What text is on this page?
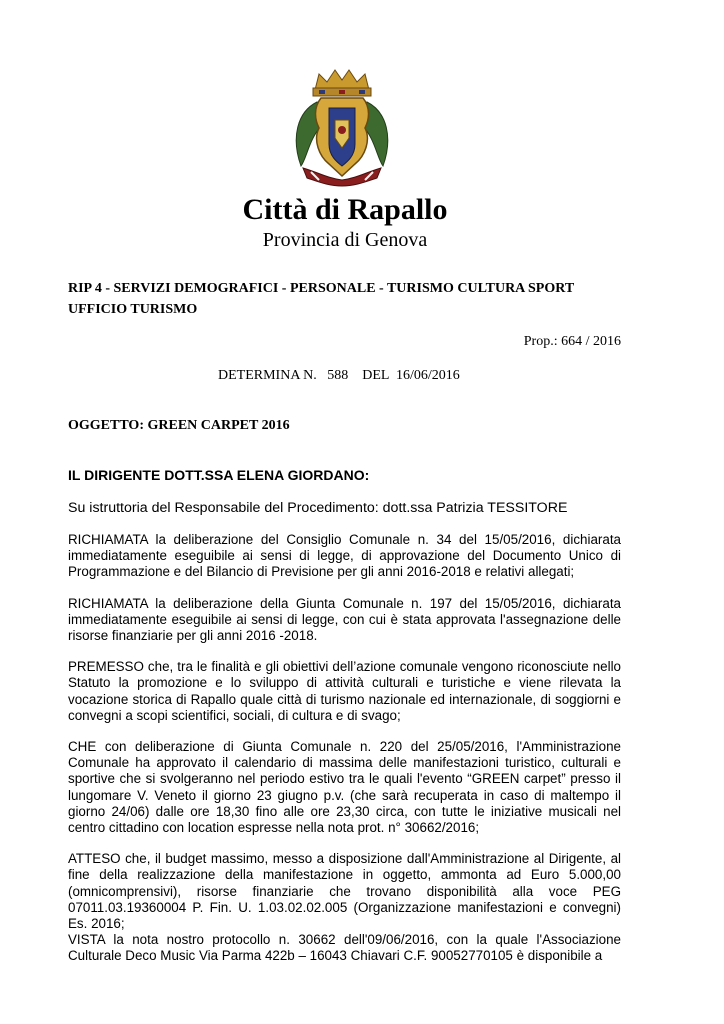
Città di Rapallo
Provincia di Genova
RIP 4 - SERVIZI DEMOGRAFICI - PERSONALE - TURISMO CULTURA SPORT
UFFICIO TURISMO
Prop.: 664 / 2016
DETERMINA N.   588    DEL  16/06/2016
OGGETTO: GREEN CARPET 2016
IL DIRIGENTE DOTT.SSA ELENA GIORDANO:
Su istruttoria del Responsabile del Procedimento: dott.ssa Patrizia TESSITORE

RICHIAMATA la deliberazione del Consiglio Comunale n. 34 del 15/05/2016, dichiarata immediatamente eseguibile ai sensi di legge, di approvazione del Documento Unico di Programmazione e del Bilancio di Previsione per gli anni 2016-2018 e relativi allegati;

RICHIAMATA la deliberazione della Giunta Comunale n. 197 del 15/05/2016, dichiarata immediatamente eseguibile ai sensi di legge, con cui è stata approvata l'assegnazione delle risorse finanziarie per gli anni 2016 -2018.

PREMESSO che, tra le finalità e gli obiettivi dell’azione comunale vengono riconosciute nello Statuto la promozione e lo sviluppo di attività culturali e turistiche e viene rilevata la vocazione storica di Rapallo quale città di turismo nazionale ed internazionale, di soggiorni e convegni a scopi scientifici, sociali, di cultura e di svago;

CHE con deliberazione di Giunta Comunale n. 220 del 25/05/2016, l'Amministrazione Comunale ha approvato il calendario di massima delle manifestazioni turistico, culturali e sportive che si svolgeranno nel periodo estivo tra le quali l'evento “GREEN carpet” presso il lungomare V. Veneto il giorno 23 giugno p.v. (che sarà recuperata in caso di maltempo il giorno 24/06) dalle ore 18,30 fino alle ore 23,30 circa, con tutte le iniziative musicali nel centro cittadino con location espresse nella nota prot. n° 30662/2016;

ATTESO che, il budget massimo, messo a disposizione dall'Amministrazione al Dirigente, al fine della realizzazione della manifestazione in oggetto, ammonta ad Euro 5.000,00 (omnicomprensivi), risorse finanziarie che trovano disponibilità alla voce PEG 07011.03.19360004 P. Fin. U. 1.03.02.02.005 (Organizzazione manifestazioni e convegni) Es. 2016;

VISTA la nota nostro protocollo n. 30662 dell'09/06/2016, con la quale l'Associazione Culturale Deco Music Via Parma 422b – 16043 Chiavari C.F. 90052770105 è disponibile a
